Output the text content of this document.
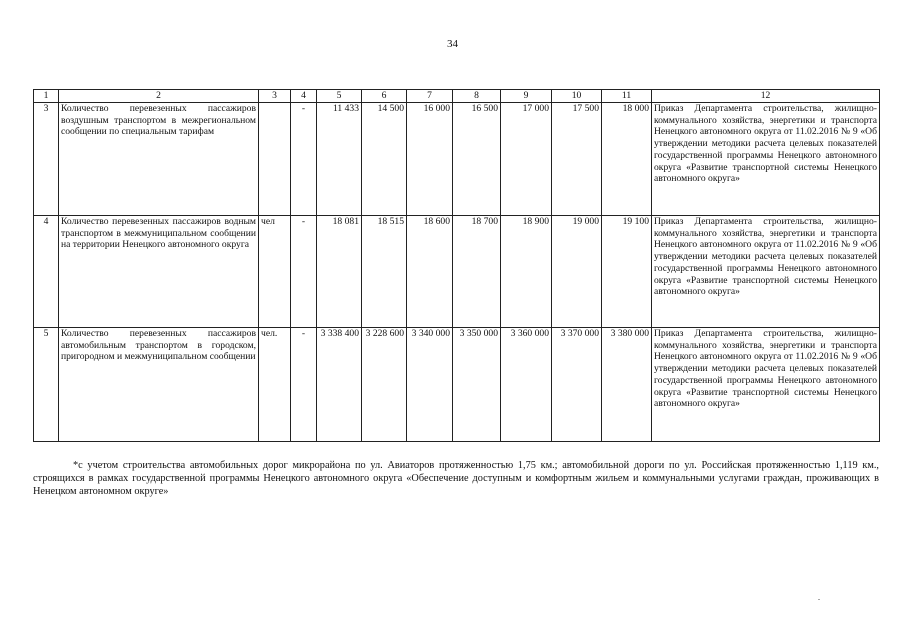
34
1	2	3	4	5	6	7	8	9	10	11	12
3	Количество перевезенных пассажиров воздушным транспортом в межрегиональном сообщении по специальным тарифам		-	11 433	14 500	16 000	16 500	17 000	17 500	18 000	Приказ Департамента строительства, жилищно-коммунального хозяйства, энергетики и транспорта Ненецкого автономного округа от 11.02.2016 № 9 «Об утверждении методики расчета целевых показателей государственной программы Ненецкого автономного округа «Развитие транспортной системы Ненецкого автономного округа»
4	Количество перевезенных пассажиров водным транспортом в межмуниципальном сообщении на территории Ненецкого автономного округа	чел	-	18 081	18 515	18 600	18 700	18 900	19 000	19 100	Приказ Департамента строительства, жилищно-коммунального хозяйства, энергетики и транспорта Ненецкого автономного округа от 11.02.2016 № 9 «Об утверждении методики расчета целевых показателей государственной программы Ненецкого автономного округа «Развитие транспортной системы Ненецкого автономного округа»
5	Количество перевезенных пассажиров автомобильным транспортом в городском, пригородном и межмуниципальном сообщении	чел.	-	3 338 400	3 228 600	3 340 000	3 350 000	3 360 000	3 370 000	3 380 000	Приказ Департамента строительства, жилищно-коммунального хозяйства, энергетики и транспорта Ненецкого автономного округа от 11.02.2016 № 9 «Об утверждении методики расчета целевых показателей государственной программы Ненецкого автономного округа «Развитие транспортной системы Ненецкого автономного округа»
*с учетом строительства автомобильных дорог микрорайона по ул. Авиаторов протяженностью 1,75 км.; автомобильной дороги по ул. Российская протяженностью 1,119 км., строящихся в рамках государственной программы Ненецкого автономного округа «Обеспечение доступным и комфортным жильем и коммунальными услугами граждан, проживающих в Ненецком автономном округе»
.
